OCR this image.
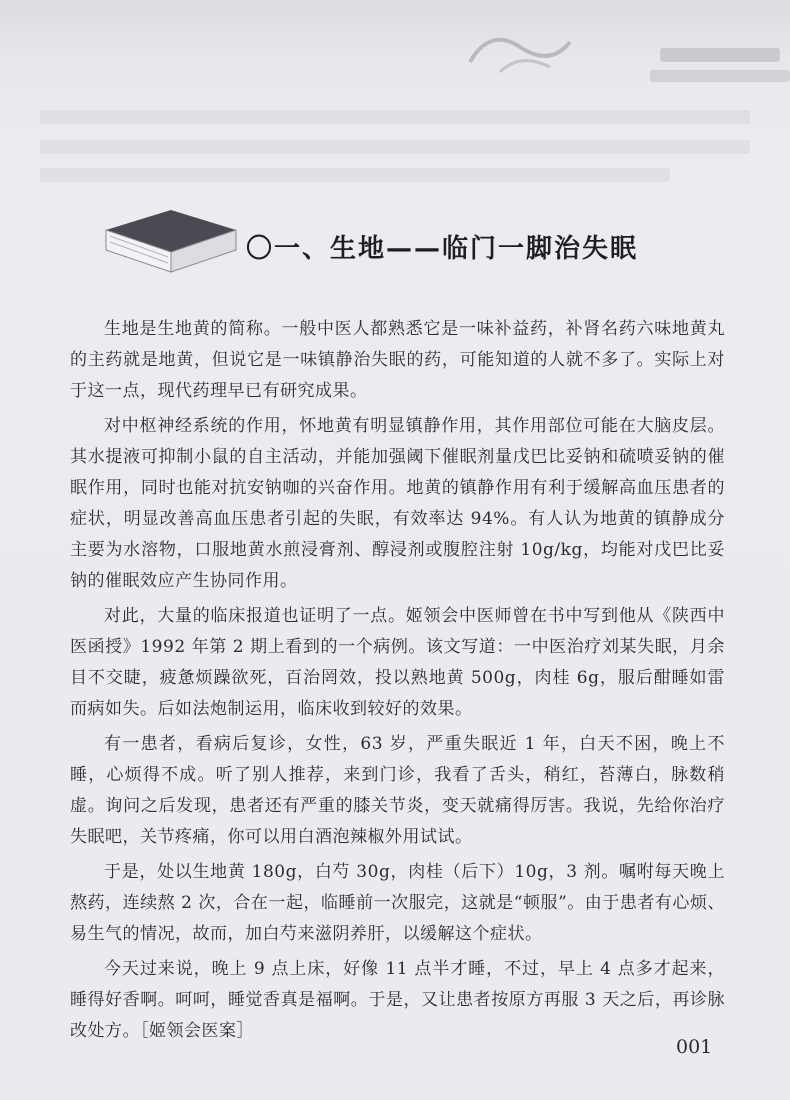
〇一、生地——临门一脚治失眠

生地是生地黄的简称。一般中医人都熟悉它是一味补益药，补肾名药六味地黄丸的主药就是地黄，但说它是一味镇静治失眠的药，可能知道的人就不多了。实际上对于这一点，现代药理早已有研究成果。

对中枢神经系统的作用，怀地黄有明显镇静作用，其作用部位可能在大脑皮层。其水提液可抑制小鼠的自主活动，并能加强阈下催眠剂量戊巴比妥钠和硫喷妥钠的催眠作用，同时也能对抗安钠咖的兴奋作用。地黄的镇静作用有利于缓解高血压患者的症状，明显改善高血压患者引起的失眠，有效率达 94%。有人认为地黄的镇静成分主要为水溶物，口服地黄水煎浸膏剂、醇浸剂或腹腔注射 10g/kg，均能对戊巴比妥钠的催眠效应产生协同作用。

对此，大量的临床报道也证明了一点。姬领会中医师曾在书中写到他从《陕西中医函授》1992 年第 2 期上看到的一个病例。该文写道：一中医治疗刘某失眠，月余目不交睫，疲惫烦躁欲死，百治罔效，投以熟地黄 500g，肉桂 6g，服后酣睡如雷而病如失。后如法炮制运用，临床收到较好的效果。

有一患者，看病后复诊，女性，63 岁，严重失眠近 1 年，白天不困，晚上不睡，心烦得不成。听了别人推荐，来到门诊，我看了舌头，稍红，苔薄白，脉数稍虚。询问之后发现，患者还有严重的膝关节炎，变天就痛得厉害。我说，先给你治疗失眠吧，关节疼痛，你可以用白酒泡辣椒外用试试。

于是，处以生地黄 180g，白芍 30g，肉桂（后下）10g，3 剂。嘱咐每天晚上熬药，连续熬 2 次，合在一起，临睡前一次服完，这就是“顿服”。由于患者有心烦、易生气的情况，故而，加白芍来滋阴养肝，以缓解这个症状。

今天过来说，晚上 9 点上床，好像 11 点半才睡，不过，早上 4 点多才起来，睡得好香啊。呵呵，睡觉香真是福啊。于是，又让患者按原方再服 3 天之后，再诊脉改处方。［姬领会医案］

001
